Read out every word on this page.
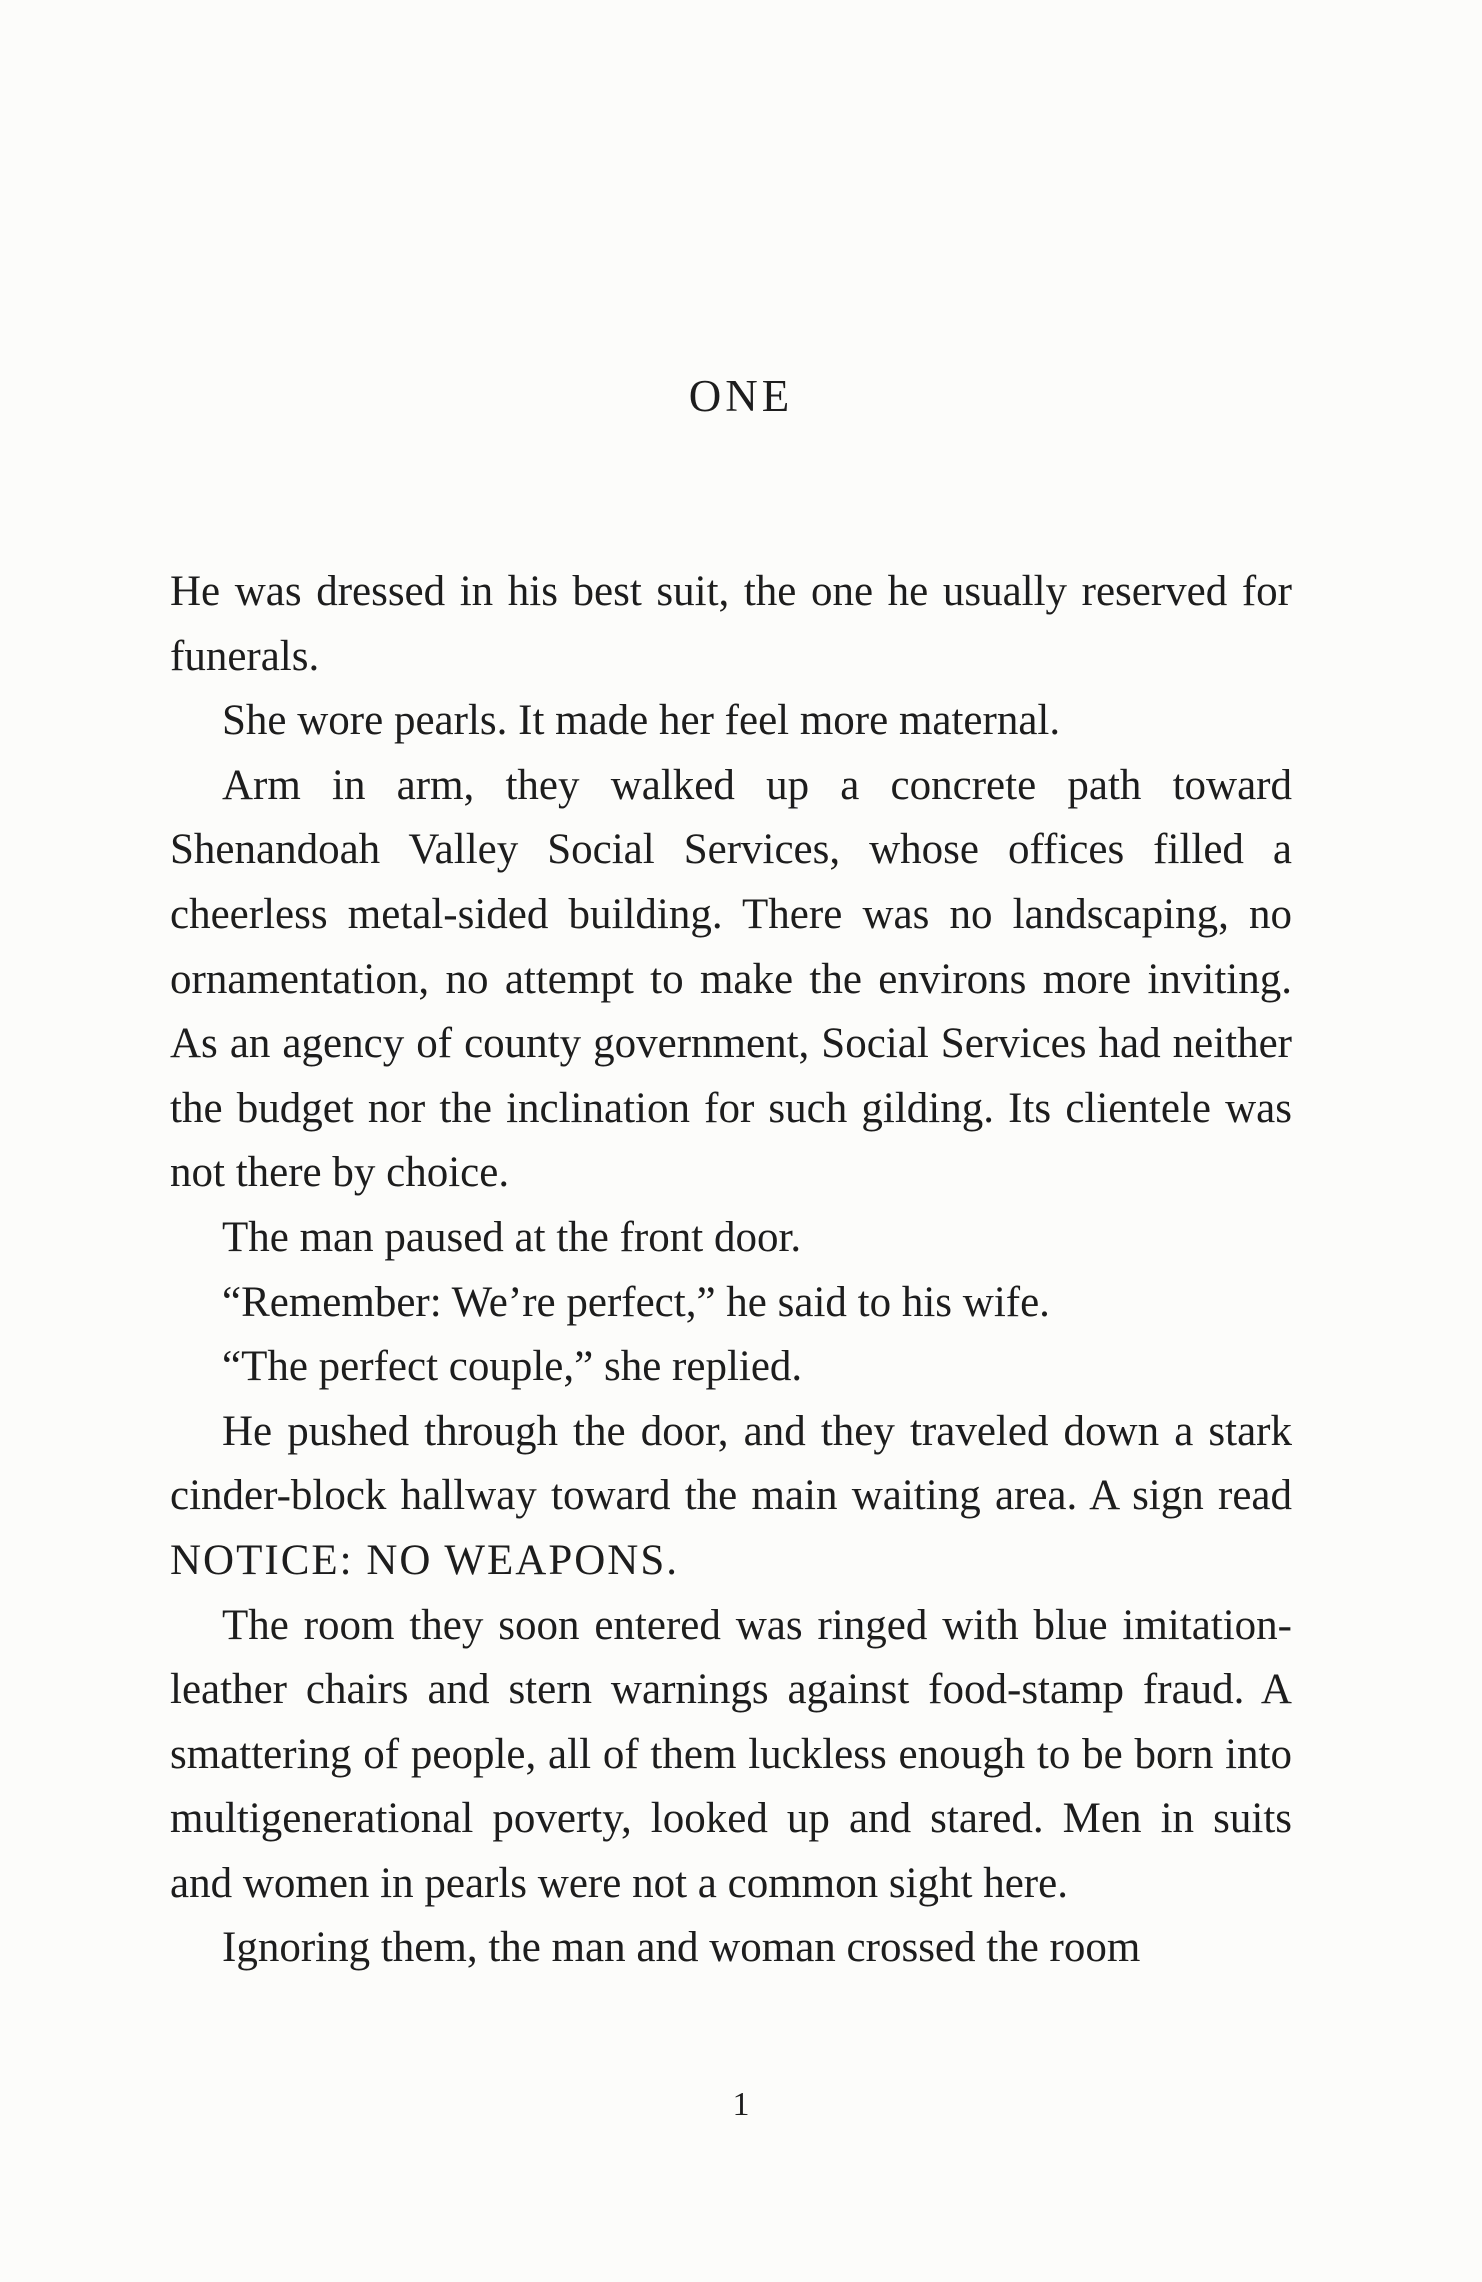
ONE

He was dressed in his best suit, the one he usually reserved for funerals.

She wore pearls. It made her feel more maternal.

Arm in arm, they walked up a concrete path toward Shenandoah Valley Social Services, whose offices filled a cheerless metal-sided building. There was no landscaping, no ornamentation, no attempt to make the environs more inviting. As an agency of county government, Social Services had neither the budget nor the inclination for such gilding. Its clientele was not there by choice.

The man paused at the front door.

“Remember: We’re perfect,” he said to his wife.

“The perfect couple,” she replied.

He pushed through the door, and they traveled down a stark cinder-block hallway toward the main waiting area. A sign read NOTICE: NO WEAPONS.

The room they soon entered was ringed with blue imitation-leather chairs and stern warnings against food-stamp fraud. A smattering of people, all of them luckless enough to be born into multigenerational poverty, looked up and stared. Men in suits and women in pearls were not a common sight here.

Ignoring them, the man and woman crossed the room

1
